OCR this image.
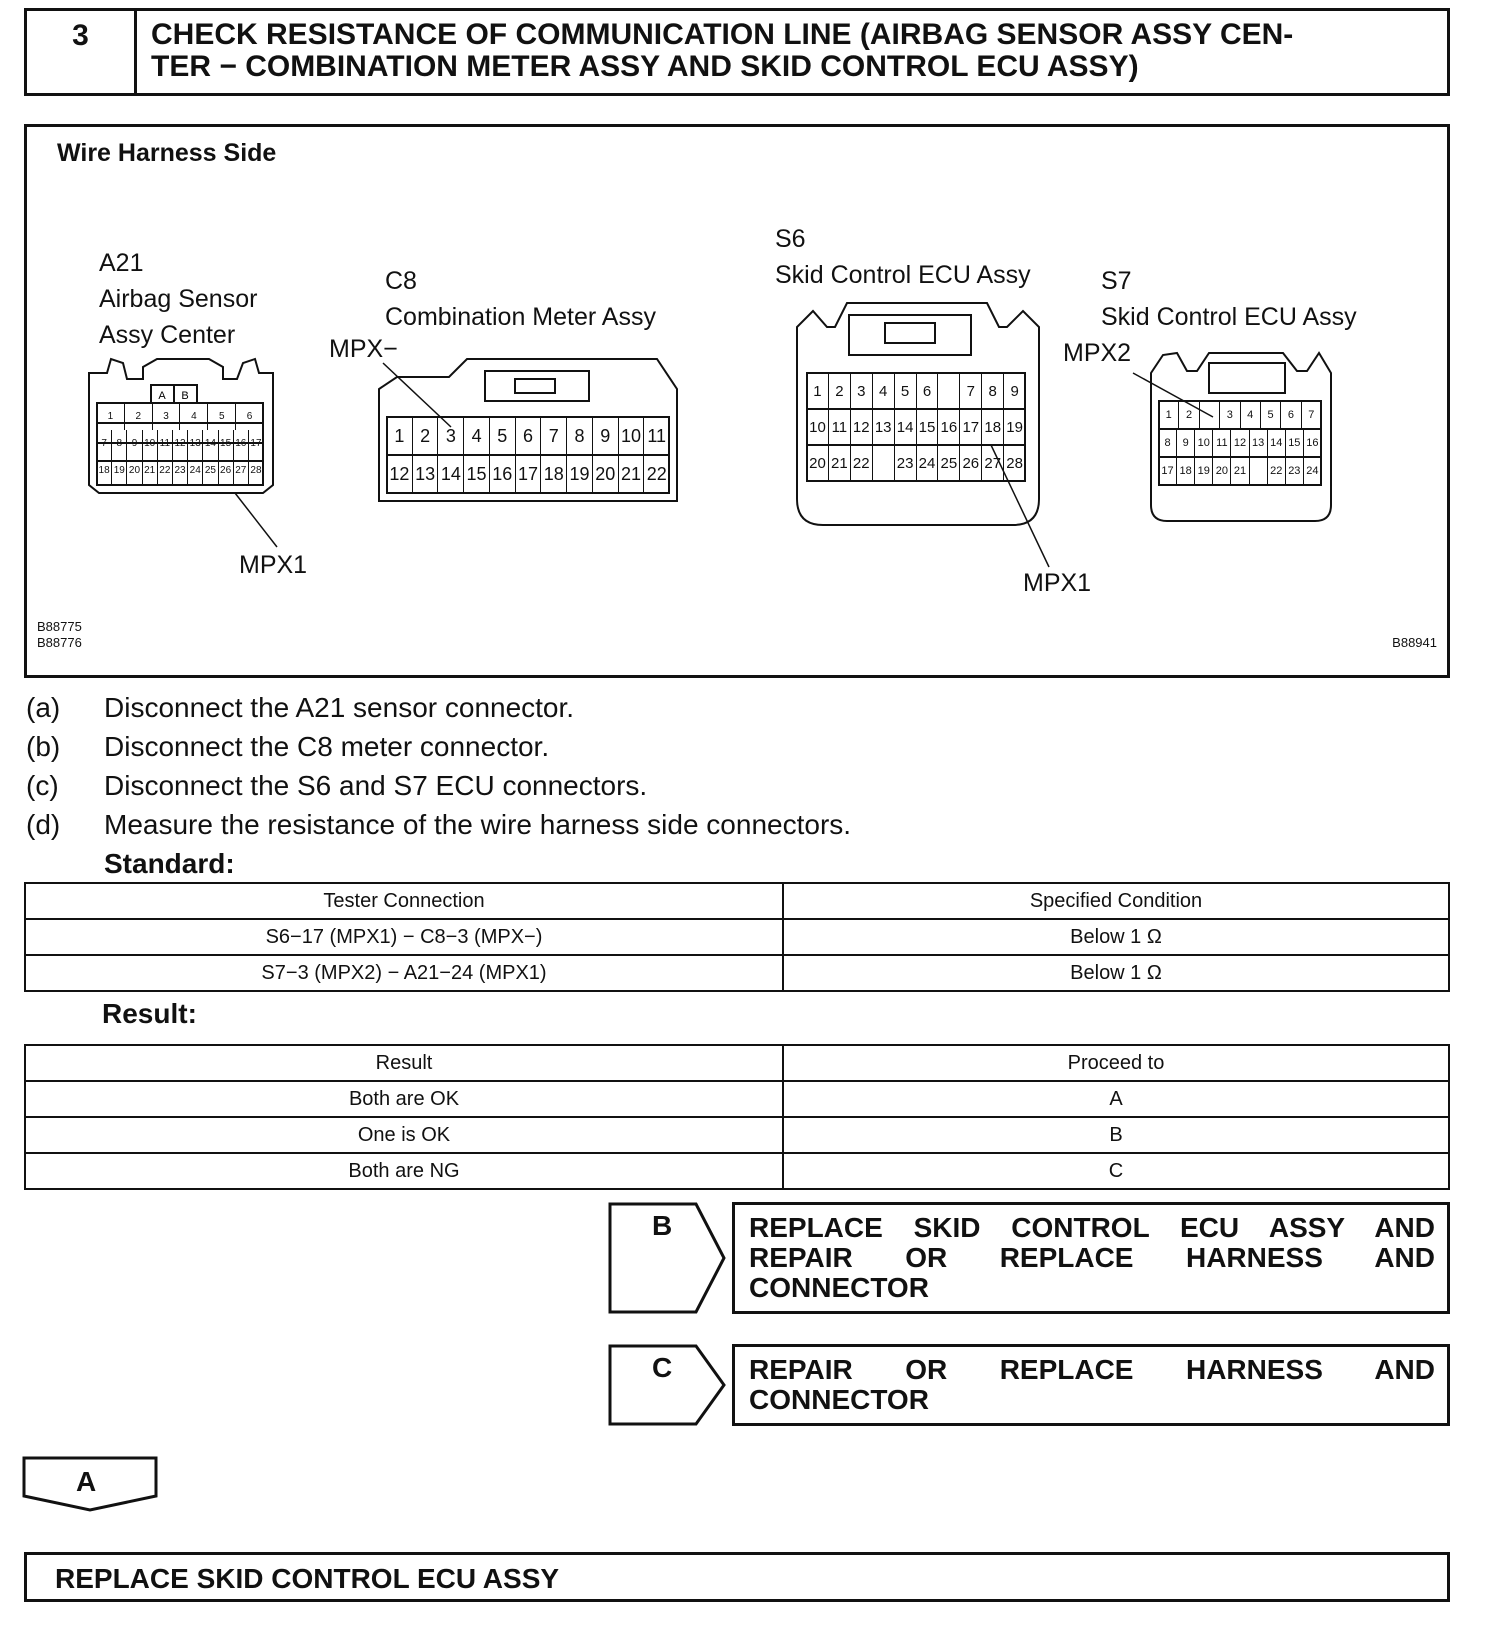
3	CHECK RESISTANCE OF COMMUNICATION LINE (AIRBAG SENSOR ASSY CEN-
TER − COMBINATION METER ASSY AND SKID CONTROL ECU ASSY)
Wire Harness Side
A21
Airbag Sensor
Assy Center
MPX1
C8
Combination Meter Assy
MPX−
S6
Skid Control ECU Assy
MPX1
S7
Skid Control ECU Assy
MPX2
B88775
B88776	B88941
A B
1	2	3	4	5	6
7 8 9 10 11 12 13 14 15 16 17
18 19 20 21 22 23 24 25 26 27 28
1 2 3 4 5 6 7 8 9 10 11
12 13 14 15 16 17 18 19 20 21 22
1 2 3 4 5 6	7 8 9
10 11 12 13 14 15 16 17 18 19
20 21 22 23 24 25 26 27 28
1	2	3	4	5	6	7
8	9 10 11 12 13 14 15 16
17 18 19 20 21	22 23 24
(a)	Disconnect the A21 sensor connector.
(b)	Disconnect the C8 meter connector.
(c)	Disconnect the S6 and S7 ECU connectors.
(d)	Measure the resistance of the wire harness side connectors.
Standard:
Tester Connection	Specified Condition
S6−17 (MPX1) − C8−3 (MPX−)	Below 1 Ω
S7−3 (MPX2) − A21−24 (MPX1)	Below 1 Ω
Result:
Result	Proceed to
Both are OK	A
One is OK	B
Both are NG	C
B	REPLACE SKID CONTROL ECU ASSY AND
REPAIR OR REPLACE HARNESS AND
CONNECTOR
C	REPAIR OR REPLACE HARNESS AND
CONNECTOR
A
REPLACE SKID CONTROL ECU ASSY
